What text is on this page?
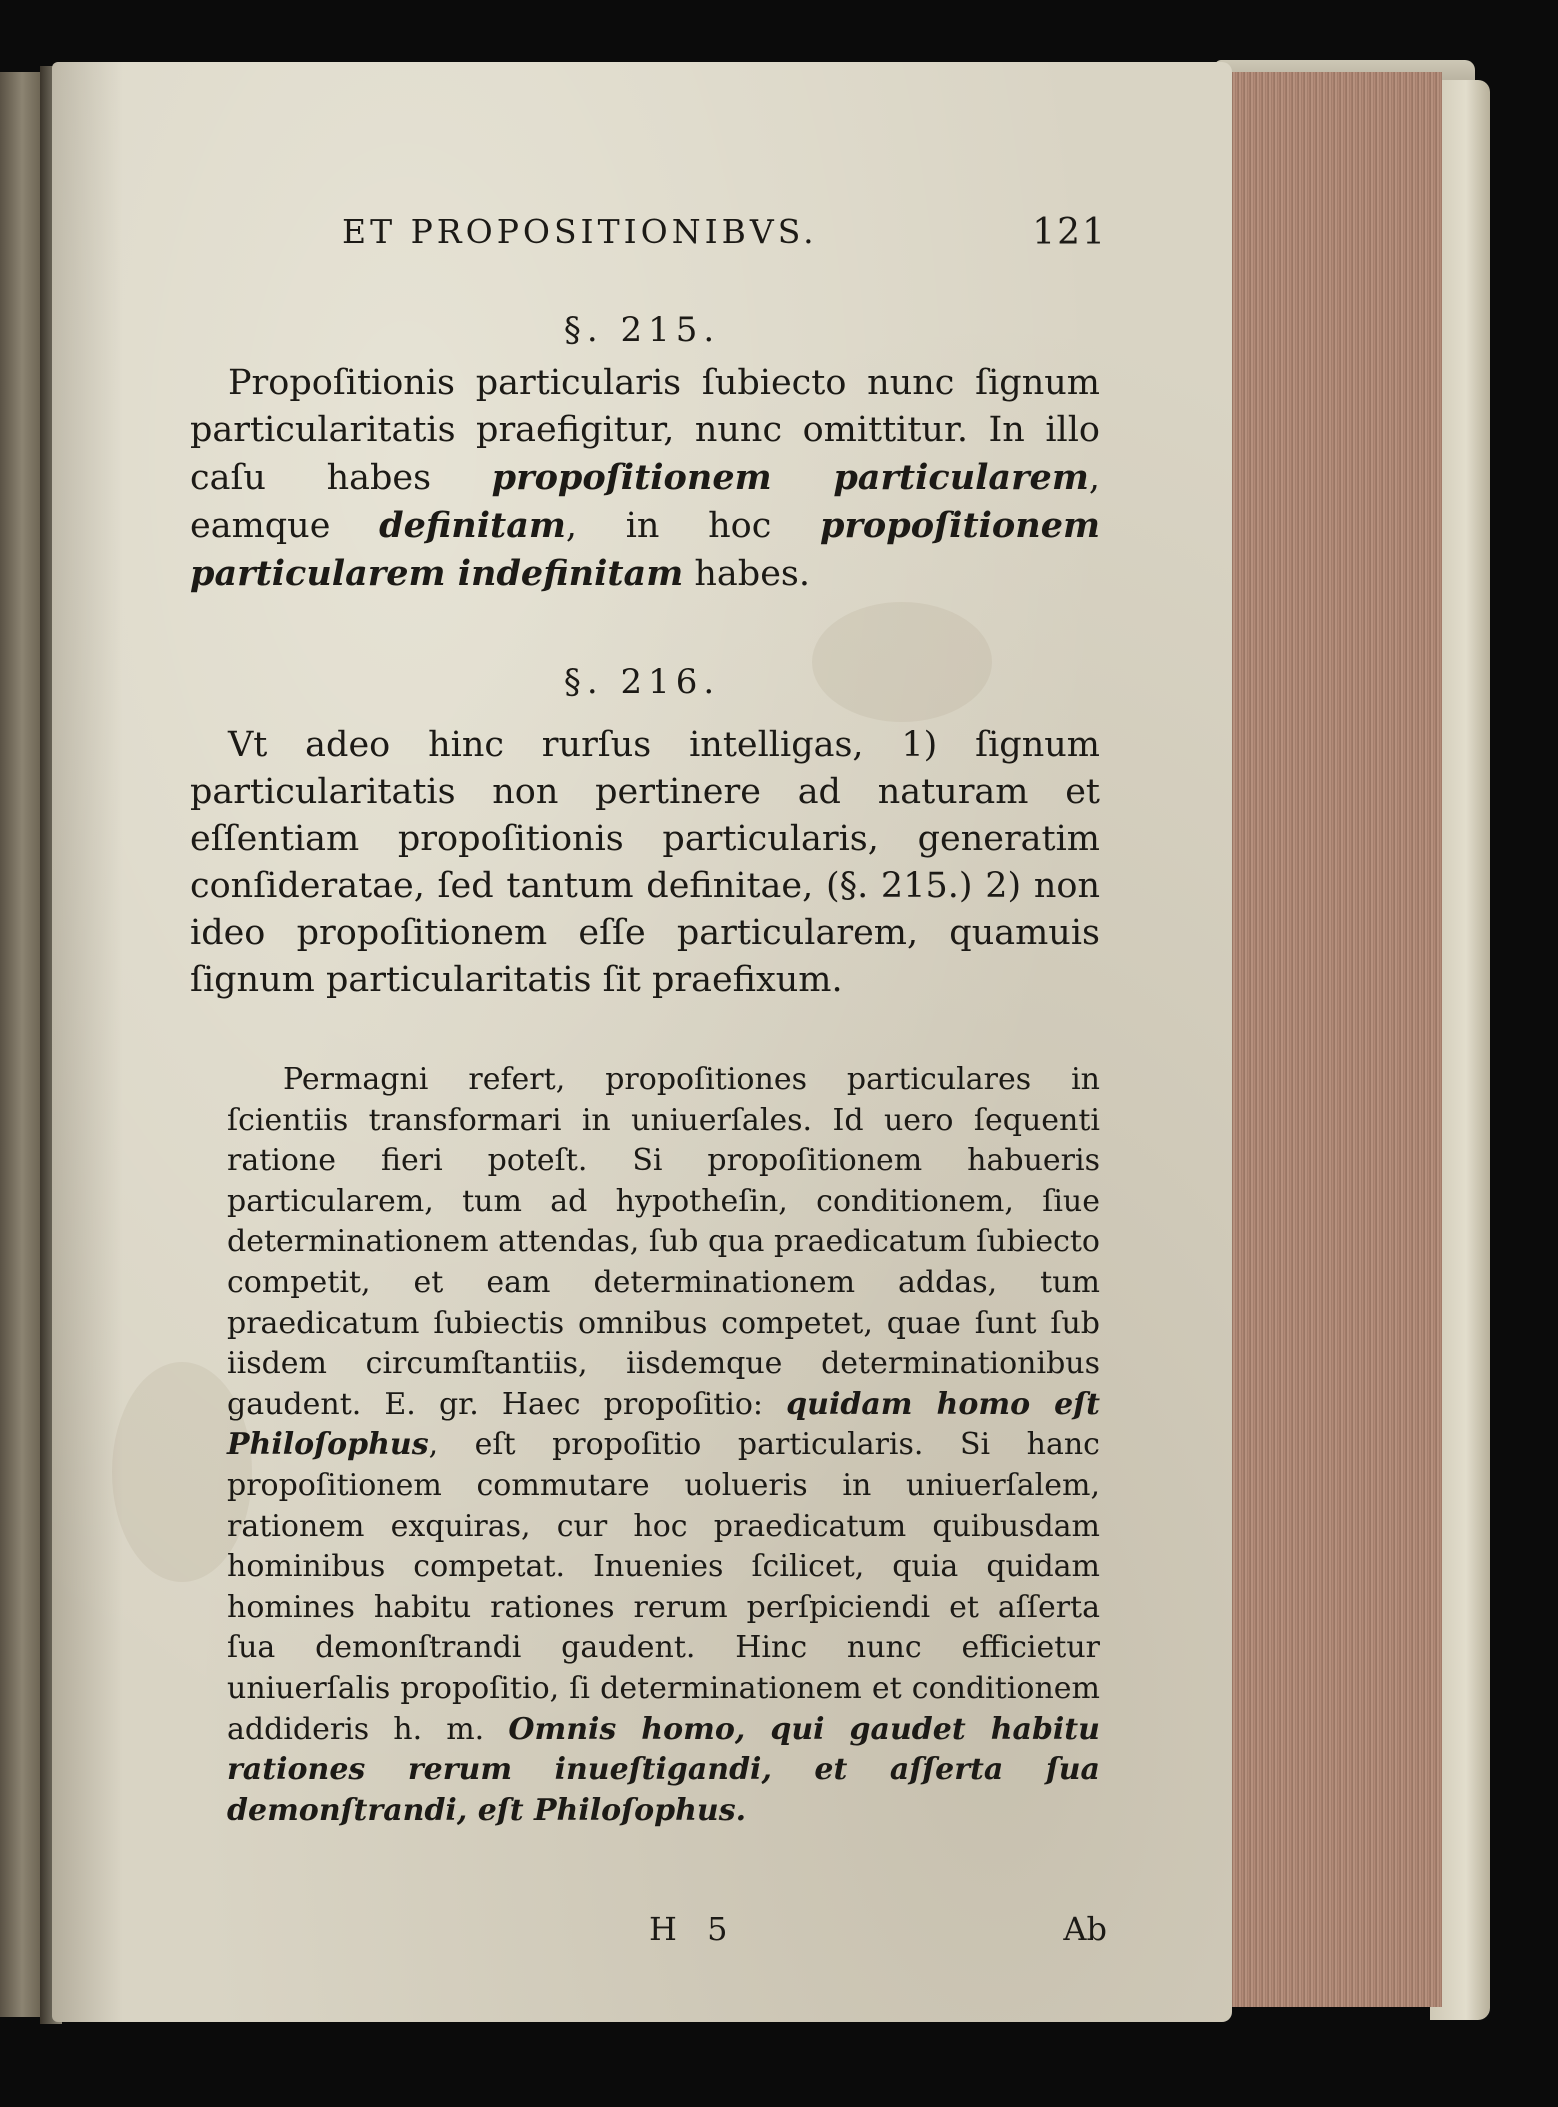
ET PROPOSITIONIBVS.	121
§. 215.

Propoſitionis particularis ſubiecto nunc ſignum particularitatis praefigitur, nunc omittitur. In illo caſu habes propoſitionem particularem, eamque definitam, in hoc propoſitionem particularem indefinitam habes.

§. 216.

Vt adeo hinc rurſus intelligas, 1) ſignum particularitatis non pertinere ad naturam et eſſentiam propoſitionis particularis, generatim conſideratae, ſed tantum definitae, (§. 215.) 2) non ideo propoſitionem eſſe particularem, quamuis ſignum particularitatis ſit praefixum.

Permagni refert, propoſitiones particulares in ſcientiis transformari in uniuerſales. Id uero ſequenti ratione fieri poteſt. Si propoſitionem habueris particularem, tum ad hypotheſin, conditionem, ſiue determinationem attendas, ſub qua praedicatum ſubiecto competit, et eam determinationem addas, tum praedicatum ſubiectis omnibus competet, quae ſunt ſub iisdem circumſtantiis, iisdemque determinationibus gaudent. E. gr. Haec propoſitio: quidam homo eſt Philoſophus, eſt propoſitio particularis. Si hanc propoſitionem commutare uolueris in uniuerſalem, rationem exquiras, cur hoc praedicatum quibusdam hominibus competat. Inuenies ſcilicet, quia quidam homines habitu rationes rerum perſpiciendi et aſſerta ſua demonſtrandi gaudent. Hinc nunc efficietur uniuerſalis propoſitio, ſi determinationem et conditionem addideris h. m. Omnis homo, qui gaudet habitu rationes rerum inueſtigandi, et aſſerta ſua demonſtrandi, eſt Philoſophus.

H 5	Ab
